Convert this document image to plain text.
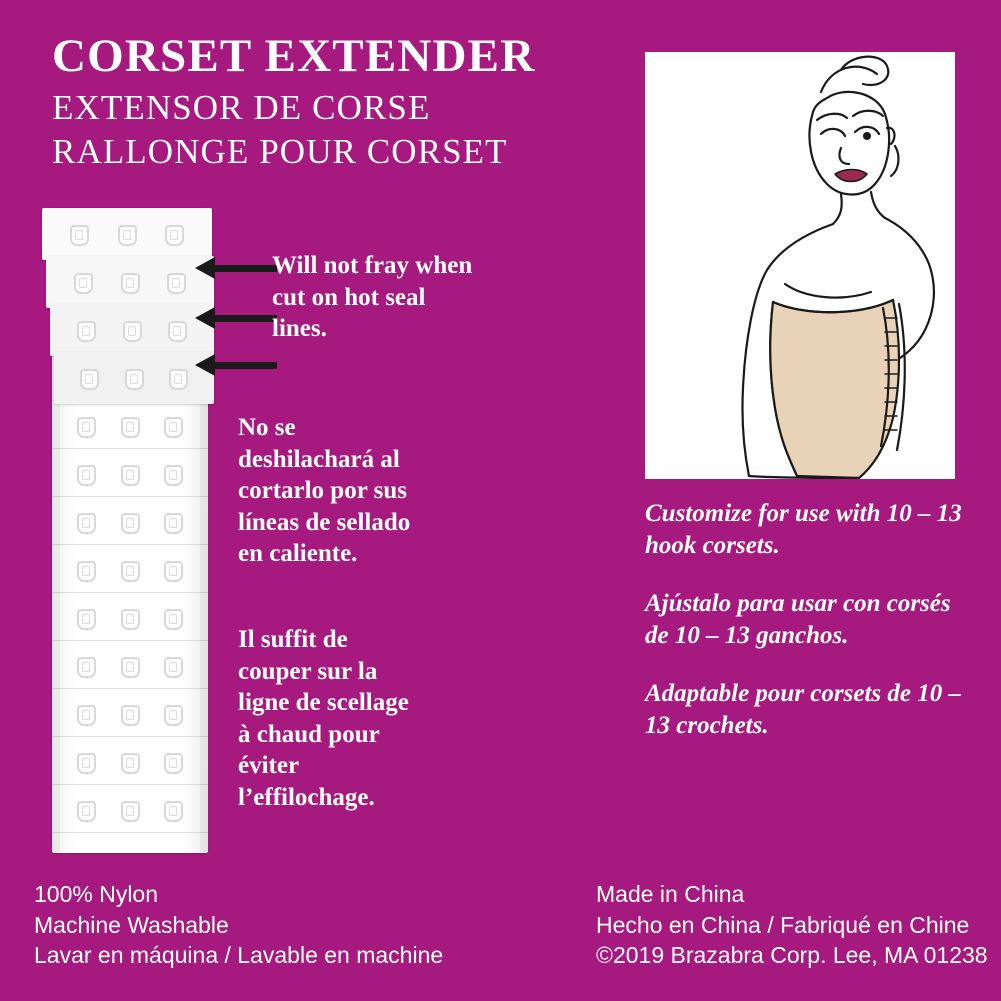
CORSET EXTENDER

EXTENSOR DE CORSE

RALLONGE POUR CORSET

Will not fray when cut on hot seal lines.
No se deshilachará al cortarlo por sus líneas de sellado en caliente.
Il suffit de couper sur la ligne de scellage à chaud pour éviter l’effilochage.

Customize for use with 10 – 13 hook corsets.

Ajústalo para usar con corsés de 10 – 13 ganchos.

Adaptable pour corsets de 10 – 13 crochets.

100% Nylon
Machine Washable
Lavar en máquina / Lavable en machine
Made in China
Hecho en China / Fabriqué en Chine
©2019 Brazabra Corp. Lee, MA 01238
